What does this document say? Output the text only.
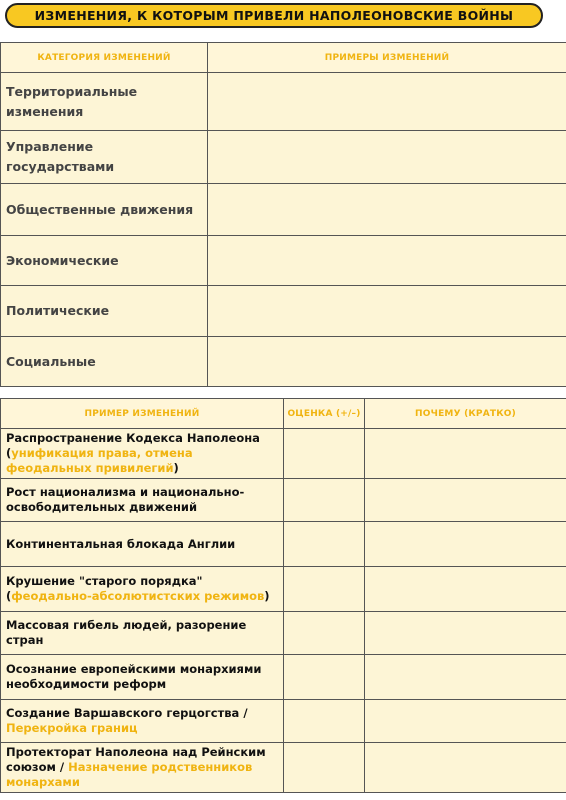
ИЗМЕНЕНИЯ, К КОТОРЫМ ПРИВЕЛИ НАПОЛЕОНОВСКИЕ ВОЙНЫ
КАТЕГОРИЯ ИЗМЕНЕНИЙ	ПРИМЕРЫ ИЗМЕНЕНИЙ
Территориальные изменения	
Управление государствами	
Общественные движения	
Экономические	
Политические	
Социальные	
ПРИМЕР ИЗМЕНЕНИЙ	ОЦЕНКА (+/–)	ПОЧЕМУ (КРАТКО)
Распространение Кодекса Наполеона (унификация права, отмена феодальных привилегий)		
Рост национализма и национально-освободительных движений		
Континентальная блокада Англии		
Крушение "старого порядка" (феодально-абсолютистских режимов)		
Массовая гибель людей, разорение стран		
Осознание европейскими монархиями необходимости реформ		
Создание Варшавского герцогства / Перекройка границ		
Протекторат Наполеона над Рейнским союзом / Назначение родственников монархами		
